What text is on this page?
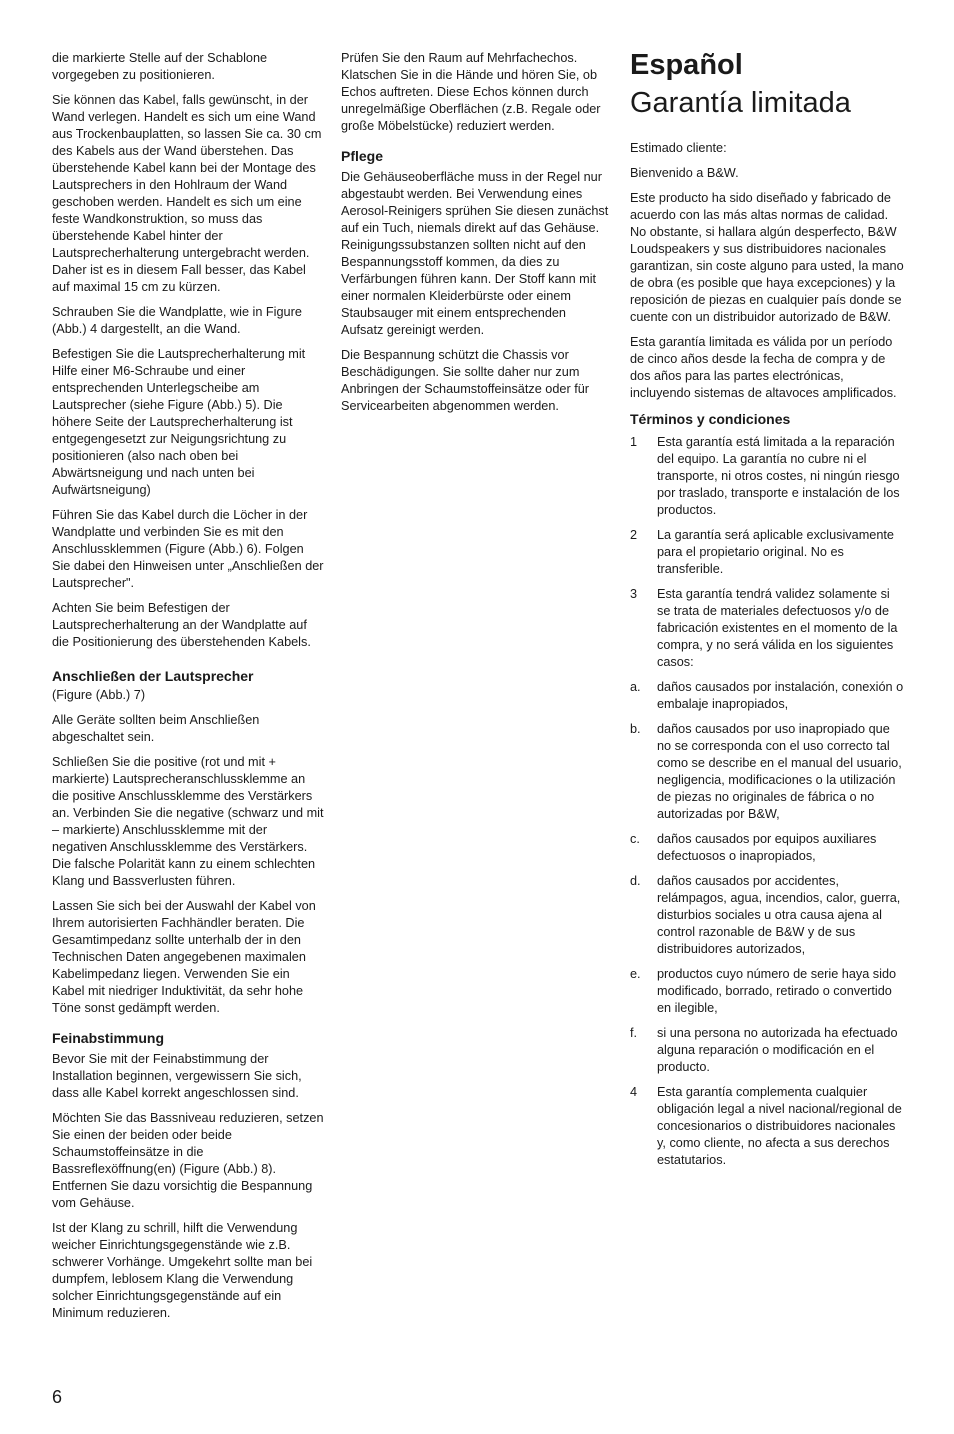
die markierte Stelle auf der Schablone vorgegeben zu positionieren.

Sie können das Kabel, falls gewünscht, in der Wand verlegen. Handelt es sich um eine Wand aus Trockenbauplatten, so lassen Sie ca. 30 cm des Kabels aus der Wand überstehen. Das überstehende Kabel kann bei der Montage des Lautsprechers in den Hohlraum der Wand geschoben werden. Handelt es sich um eine feste Wandkonstruktion, so muss das überstehende Kabel hinter der Lautsprecherhalterung untergebracht werden. Daher ist es in diesem Fall besser, das Kabel auf maximal 15 cm zu kürzen.

Schrauben Sie die Wandplatte, wie in Figure (Abb.) 4 dargestellt, an die Wand.

Befestigen Sie die Lautsprecherhalterung mit Hilfe einer M6-Schraube und einer entsprechenden Unterlegscheibe am Lautsprecher (siehe Figure (Abb.) 5). Die höhere Seite der Lautsprecherhalterung ist entgegengesetzt zur Neigungsrichtung zu positionieren (also nach oben bei Abwärtsneigung und nach unten bei Aufwärtsneigung)

Führen Sie das Kabel durch die Löcher in der Wandplatte und verbinden Sie es mit den Anschlussklemmen (Figure (Abb.) 6). Folgen Sie dabei den Hinweisen unter „Anschließen der Lautsprecher".

Achten Sie beim Befestigen der Lautsprecherhalterung an der Wandplatte auf die Positionierung des überstehenden Kabels.

Anschließen der Lautsprecher

(Figure (Abb.) 7)

Alle Geräte sollten beim Anschließen abgeschaltet sein.

Schließen Sie die positive (rot und mit + markierte) Lautsprecheranschlussklemme an die positive Anschlussklemme des Verstärkers an. Verbinden Sie die negative (schwarz und mit – markierte) Anschlussklemme mit der negativen Anschlussklemme des Verstärkers. Die falsche Polarität kann zu einem schlechten Klang und Bassverlusten führen.

Lassen Sie sich bei der Auswahl der Kabel von Ihrem autorisierten Fachhändler beraten. Die Gesamtimpedanz sollte unterhalb der in den Technischen Daten angegebenen maximalen Kabelimpedanz liegen. Verwenden Sie ein Kabel mit niedriger Induktivität, da sehr hohe Töne sonst gedämpft werden.

Feinabstimmung

Bevor Sie mit der Feinabstimmung der Installation beginnen, vergewissern Sie sich, dass alle Kabel korrekt angeschlossen sind.

Möchten Sie das Bassniveau reduzieren, setzen Sie einen der beiden oder beide Schaumstoffeinsätze in die Bassreflexöffnung(en) (Figure (Abb.) 8). Entfernen Sie dazu vorsichtig die Bespannung vom Gehäuse.

Ist der Klang zu schrill, hilft die Verwendung weicher Einrichtungsgegenstände wie z.B. schwerer Vorhänge. Umgekehrt sollte man bei dumpfem, leblosem Klang die Verwendung solcher Einrichtungsgegenstände auf ein Minimum reduzieren.

Prüfen Sie den Raum auf Mehrfachechos. Klatschen Sie in die Hände und hören Sie, ob Echos auftreten. Diese Echos können durch unregelmäßige Oberflächen (z.B. Regale oder große Möbelstücke) reduziert werden.

Pflege

Die Gehäuseoberfläche muss in der Regel nur abgestaubt werden. Bei Verwendung eines Aerosol-Reinigers sprühen Sie diesen zunächst auf ein Tuch, niemals direkt auf das Gehäuse. Reinigungssubstanzen sollten nicht auf den Bespannungsstoff kommen, da dies zu Verfärbungen führen kann. Der Stoff kann mit einer normalen Kleiderbürste oder einem Staubsauger mit einem entsprechenden Aufsatz gereinigt werden.

Die Bespannung schützt die Chassis vor Beschädigungen. Sie sollte daher nur zum Anbringen der Schaumstoffeinsätze oder für Servicearbeiten abgenommen werden.

Español
Garantía limitada

Estimado cliente:

Bienvenido a B&W.

Este producto ha sido diseñado y fabricado de acuerdo con las más altas normas de calidad. No obstante, si hallara algún desperfecto, B&W Loudspeakers y sus distribuidores nacionales garantizan, sin coste alguno para usted, la mano de obra (es posible que haya excepciones) y la reposición de piezas en cualquier país donde se cuente con un distribuidor autorizado de B&W.

Esta garantía limitada es válida por un período de cinco años desde la fecha de compra y de dos años para las partes electrónicas, incluyendo sistemas de altavoces amplificados.

Términos y condiciones
1	Esta garantía está limitada a la reparación del equipo. La garantía no cubre ni el transporte, ni otros costes, ni ningún riesgo por traslado, transporte e instalación de los productos.
2	La garantía será aplicable exclusivamente para el propietario original. No es transferible.
3	Esta garantía tendrá validez solamente si se trata de materiales defectuosos y/o de fabricación existentes en el momento de la compra, y no será válida en los siguientes casos:
a.	daños causados por instalación, conexión o embalaje inapropiados,
b.	daños causados por uso inapropiado que no se corresponda con el uso correcto tal como se describe en el manual del usuario, negligencia, modificaciones o la utilización de piezas no originales de fábrica o no autorizadas por B&W,
c.	daños causados por equipos auxiliares defectuosos o inapropiados,
d.	daños causados por accidentes, relámpagos, agua, incendios, calor, guerra, disturbios sociales u otra causa ajena al control razonable de B&W y de sus distribuidores autorizados,
e.	productos cuyo número de serie haya sido modificado, borrado, retirado o convertido en ilegible,
f.	si una persona no autorizada ha efectuado alguna reparación o modificación en el producto.
4	Esta garantía complementa cualquier obligación legal a nivel nacional/regional de concesionarios o distribuidores nacionales y, como cliente, no afecta a sus derechos estatutarios.
6
